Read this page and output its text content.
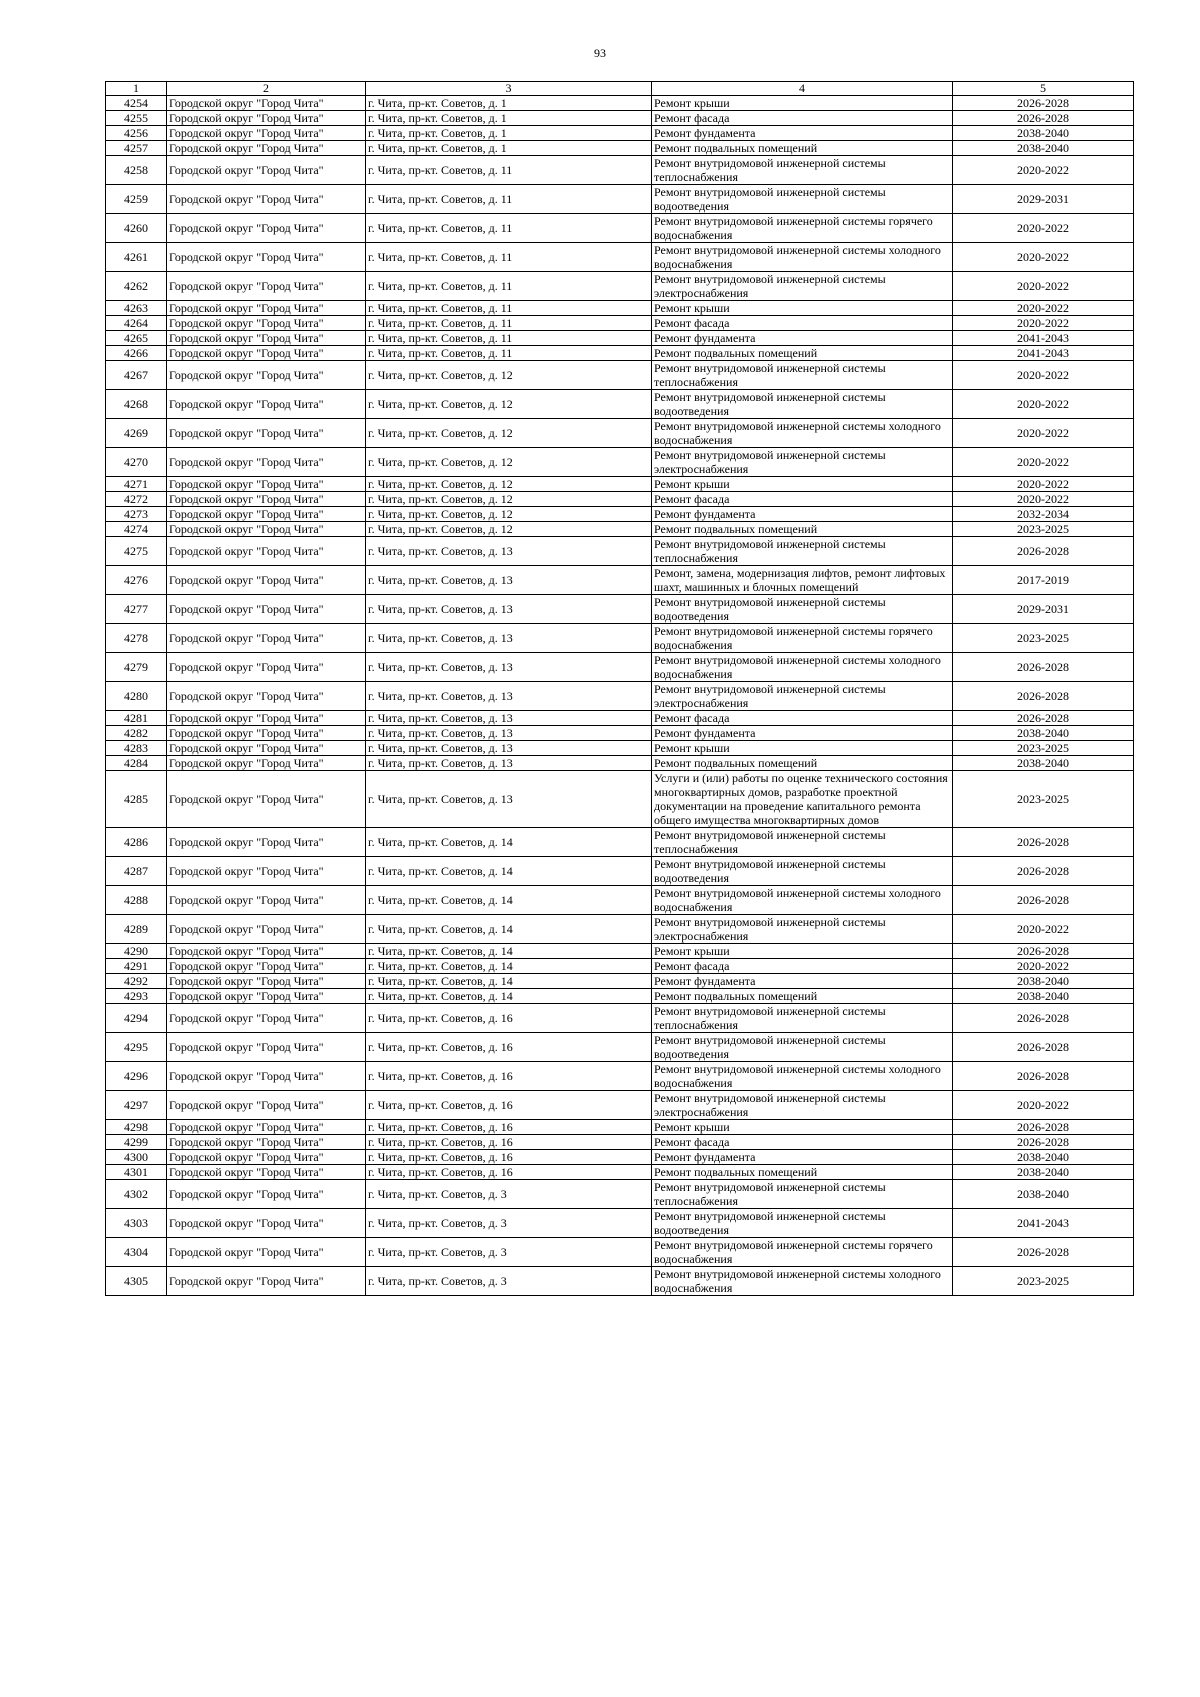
93
1	2	3	4	5
4254	Городской округ "Город Чита"	г. Чита, пр-кт. Советов, д. 1	Ремонт крыши	2026-2028
4255	Городской округ "Город Чита"	г. Чита, пр-кт. Советов, д. 1	Ремонт фасада	2026-2028
4256	Городской округ "Город Чита"	г. Чита, пр-кт. Советов, д. 1	Ремонт фундамента	2038-2040
4257	Городской округ "Город Чита"	г. Чита, пр-кт. Советов, д. 1	Ремонт подвальных помещений	2038-2040
4258	Городской округ "Город Чита"	г. Чита, пр-кт. Советов, д. 11	Ремонт внутридомовой инженерной системы теплоснабжения	2020-2022
4259	Городской округ "Город Чита"	г. Чита, пр-кт. Советов, д. 11	Ремонт внутридомовой инженерной системы водоотведения	2029-2031
4260	Городской округ "Город Чита"	г. Чита, пр-кт. Советов, д. 11	Ремонт внутридомовой инженерной системы горячего водоснабжения	2020-2022
4261	Городской округ "Город Чита"	г. Чита, пр-кт. Советов, д. 11	Ремонт внутридомовой инженерной системы холодного водоснабжения	2020-2022
4262	Городской округ "Город Чита"	г. Чита, пр-кт. Советов, д. 11	Ремонт внутридомовой инженерной системы электроснабжения	2020-2022
4263	Городской округ "Город Чита"	г. Чита, пр-кт. Советов, д. 11	Ремонт крыши	2020-2022
4264	Городской округ "Город Чита"	г. Чита, пр-кт. Советов, д. 11	Ремонт фасада	2020-2022
4265	Городской округ "Город Чита"	г. Чита, пр-кт. Советов, д. 11	Ремонт фундамента	2041-2043
4266	Городской округ "Город Чита"	г. Чита, пр-кт. Советов, д. 11	Ремонт подвальных помещений	2041-2043
4267	Городской округ "Город Чита"	г. Чита, пр-кт. Советов, д. 12	Ремонт внутридомовой инженерной системы теплоснабжения	2020-2022
4268	Городской округ "Город Чита"	г. Чита, пр-кт. Советов, д. 12	Ремонт внутридомовой инженерной системы водоотведения	2020-2022
4269	Городской округ "Город Чита"	г. Чита, пр-кт. Советов, д. 12	Ремонт внутридомовой инженерной системы холодного водоснабжения	2020-2022
4270	Городской округ "Город Чита"	г. Чита, пр-кт. Советов, д. 12	Ремонт внутридомовой инженерной системы электроснабжения	2020-2022
4271	Городской округ "Город Чита"	г. Чита, пр-кт. Советов, д. 12	Ремонт крыши	2020-2022
4272	Городской округ "Город Чита"	г. Чита, пр-кт. Советов, д. 12	Ремонт фасада	2020-2022
4273	Городской округ "Город Чита"	г. Чита, пр-кт. Советов, д. 12	Ремонт фундамента	2032-2034
4274	Городской округ "Город Чита"	г. Чита, пр-кт. Советов, д. 12	Ремонт подвальных помещений	2023-2025
4275	Городской округ "Город Чита"	г. Чита, пр-кт. Советов, д. 13	Ремонт внутридомовой инженерной системы теплоснабжения	2026-2028
4276	Городской округ "Город Чита"	г. Чита, пр-кт. Советов, д. 13	Ремонт, замена, модернизация лифтов, ремонт лифтовых шахт, машинных и блочных помещений	2017-2019
4277	Городской округ "Город Чита"	г. Чита, пр-кт. Советов, д. 13	Ремонт внутридомовой инженерной системы водоотведения	2029-2031
4278	Городской округ "Город Чита"	г. Чита, пр-кт. Советов, д. 13	Ремонт внутридомовой инженерной системы горячего водоснабжения	2023-2025
4279	Городской округ "Город Чита"	г. Чита, пр-кт. Советов, д. 13	Ремонт внутридомовой инженерной системы холодного водоснабжения	2026-2028
4280	Городской округ "Город Чита"	г. Чита, пр-кт. Советов, д. 13	Ремонт внутридомовой инженерной системы электроснабжения	2026-2028
4281	Городской округ "Город Чита"	г. Чита, пр-кт. Советов, д. 13	Ремонт фасада	2026-2028
4282	Городской округ "Город Чита"	г. Чита, пр-кт. Советов, д. 13	Ремонт фундамента	2038-2040
4283	Городской округ "Город Чита"	г. Чита, пр-кт. Советов, д. 13	Ремонт крыши	2023-2025
4284	Городской округ "Город Чита"	г. Чита, пр-кт. Советов, д. 13	Ремонт подвальных помещений	2038-2040
4285	Городской округ "Город Чита"	г. Чита, пр-кт. Советов, д. 13	Услуги и (или) работы по оценке технического состояния многоквартирных домов, разработке проектной документации на проведение капитального ремонта общего имущества многоквартирных домов	2023-2025
4286	Городской округ "Город Чита"	г. Чита, пр-кт. Советов, д. 14	Ремонт внутридомовой инженерной системы теплоснабжения	2026-2028
4287	Городской округ "Город Чита"	г. Чита, пр-кт. Советов, д. 14	Ремонт внутридомовой инженерной системы водоотведения	2026-2028
4288	Городской округ "Город Чита"	г. Чита, пр-кт. Советов, д. 14	Ремонт внутридомовой инженерной системы холодного водоснабжения	2026-2028
4289	Городской округ "Город Чита"	г. Чита, пр-кт. Советов, д. 14	Ремонт внутридомовой инженерной системы электроснабжения	2020-2022
4290	Городской округ "Город Чита"	г. Чита, пр-кт. Советов, д. 14	Ремонт крыши	2026-2028
4291	Городской округ "Город Чита"	г. Чита, пр-кт. Советов, д. 14	Ремонт фасада	2020-2022
4292	Городской округ "Город Чита"	г. Чита, пр-кт. Советов, д. 14	Ремонт фундамента	2038-2040
4293	Городской округ "Город Чита"	г. Чита, пр-кт. Советов, д. 14	Ремонт подвальных помещений	2038-2040
4294	Городской округ "Город Чита"	г. Чита, пр-кт. Советов, д. 16	Ремонт внутридомовой инженерной системы теплоснабжения	2026-2028
4295	Городской округ "Город Чита"	г. Чита, пр-кт. Советов, д. 16	Ремонт внутридомовой инженерной системы водоотведения	2026-2028
4296	Городской округ "Город Чита"	г. Чита, пр-кт. Советов, д. 16	Ремонт внутридомовой инженерной системы холодного водоснабжения	2026-2028
4297	Городской округ "Город Чита"	г. Чита, пр-кт. Советов, д. 16	Ремонт внутридомовой инженерной системы электроснабжения	2020-2022
4298	Городской округ "Город Чита"	г. Чита, пр-кт. Советов, д. 16	Ремонт крыши	2026-2028
4299	Городской округ "Город Чита"	г. Чита, пр-кт. Советов, д. 16	Ремонт фасада	2026-2028
4300	Городской округ "Город Чита"	г. Чита, пр-кт. Советов, д. 16	Ремонт фундамента	2038-2040
4301	Городской округ "Город Чита"	г. Чита, пр-кт. Советов, д. 16	Ремонт подвальных помещений	2038-2040
4302	Городской округ "Город Чита"	г. Чита, пр-кт. Советов, д. 3	Ремонт внутридомовой инженерной системы теплоснабжения	2038-2040
4303	Городской округ "Город Чита"	г. Чита, пр-кт. Советов, д. 3	Ремонт внутридомовой инженерной системы водоотведения	2041-2043
4304	Городской округ "Город Чита"	г. Чита, пр-кт. Советов, д. 3	Ремонт внутридомовой инженерной системы горячего водоснабжения	2026-2028
4305	Городской округ "Город Чита"	г. Чита, пр-кт. Советов, д. 3	Ремонт внутридомовой инженерной системы холодного водоснабжения	2023-2025
